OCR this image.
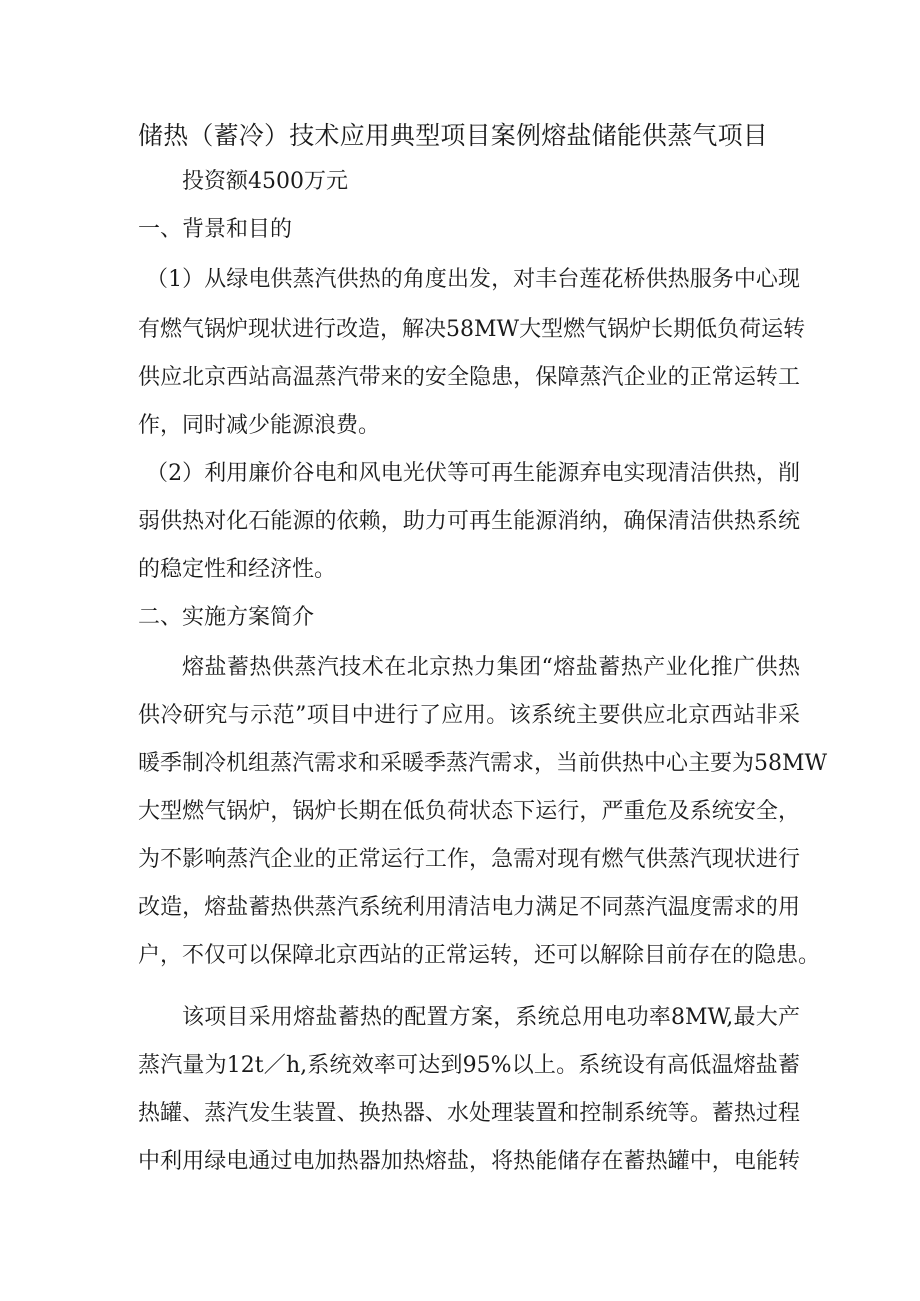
储热（蓄冷）技术应用典型项目案例熔盐储能供蒸气项目
投资额4500万元
一、背景和目的
（1）从绿电供蒸汽供热的角度出发，对丰台莲花桥供热服务中心现
有燃气锅炉现状进行改造，解决58MW大型燃气锅炉长期低负荷运转
供应北京西站高温蒸汽带来的安全隐患，保障蒸汽企业的正常运转工
作，同时减少能源浪费。
（2）利用廉价谷电和风电光伏等可再生能源弃电实现清洁供热，削
弱供热对化石能源的依赖，助力可再生能源消纳，确保清洁供热系统
的稳定性和经济性。
二、实施方案简介
熔盐蓄热供蒸汽技术在北京热力集团“熔盐蓄热产业化推广供热
供冷研究与示范”项目中进行了应用。该系统主要供应北京西站非采
暖季制冷机组蒸汽需求和采暖季蒸汽需求，当前供热中心主要为58MW
大型燃气锅炉，锅炉长期在低负荷状态下运行，严重危及系统安全，
为不影响蒸汽企业的正常运行工作，急需对现有燃气供蒸汽现状进行
改造，熔盐蓄热供蒸汽系统利用清洁电力满足不同蒸汽温度需求的用
户，不仅可以保障北京西站的正常运转，还可以解除目前存在的隐患。
该项目采用熔盐蓄热的配置方案，系统总用电功率8MW,最大产
蒸汽量为12t／h,系统效率可达到95%以上。系统设有高低温熔盐蓄
热罐、蒸汽发生装置、换热器、水处理装置和控制系统等。蓄热过程
中利用绿电通过电加热器加热熔盐，将热能储存在蓄热罐中，电能转
